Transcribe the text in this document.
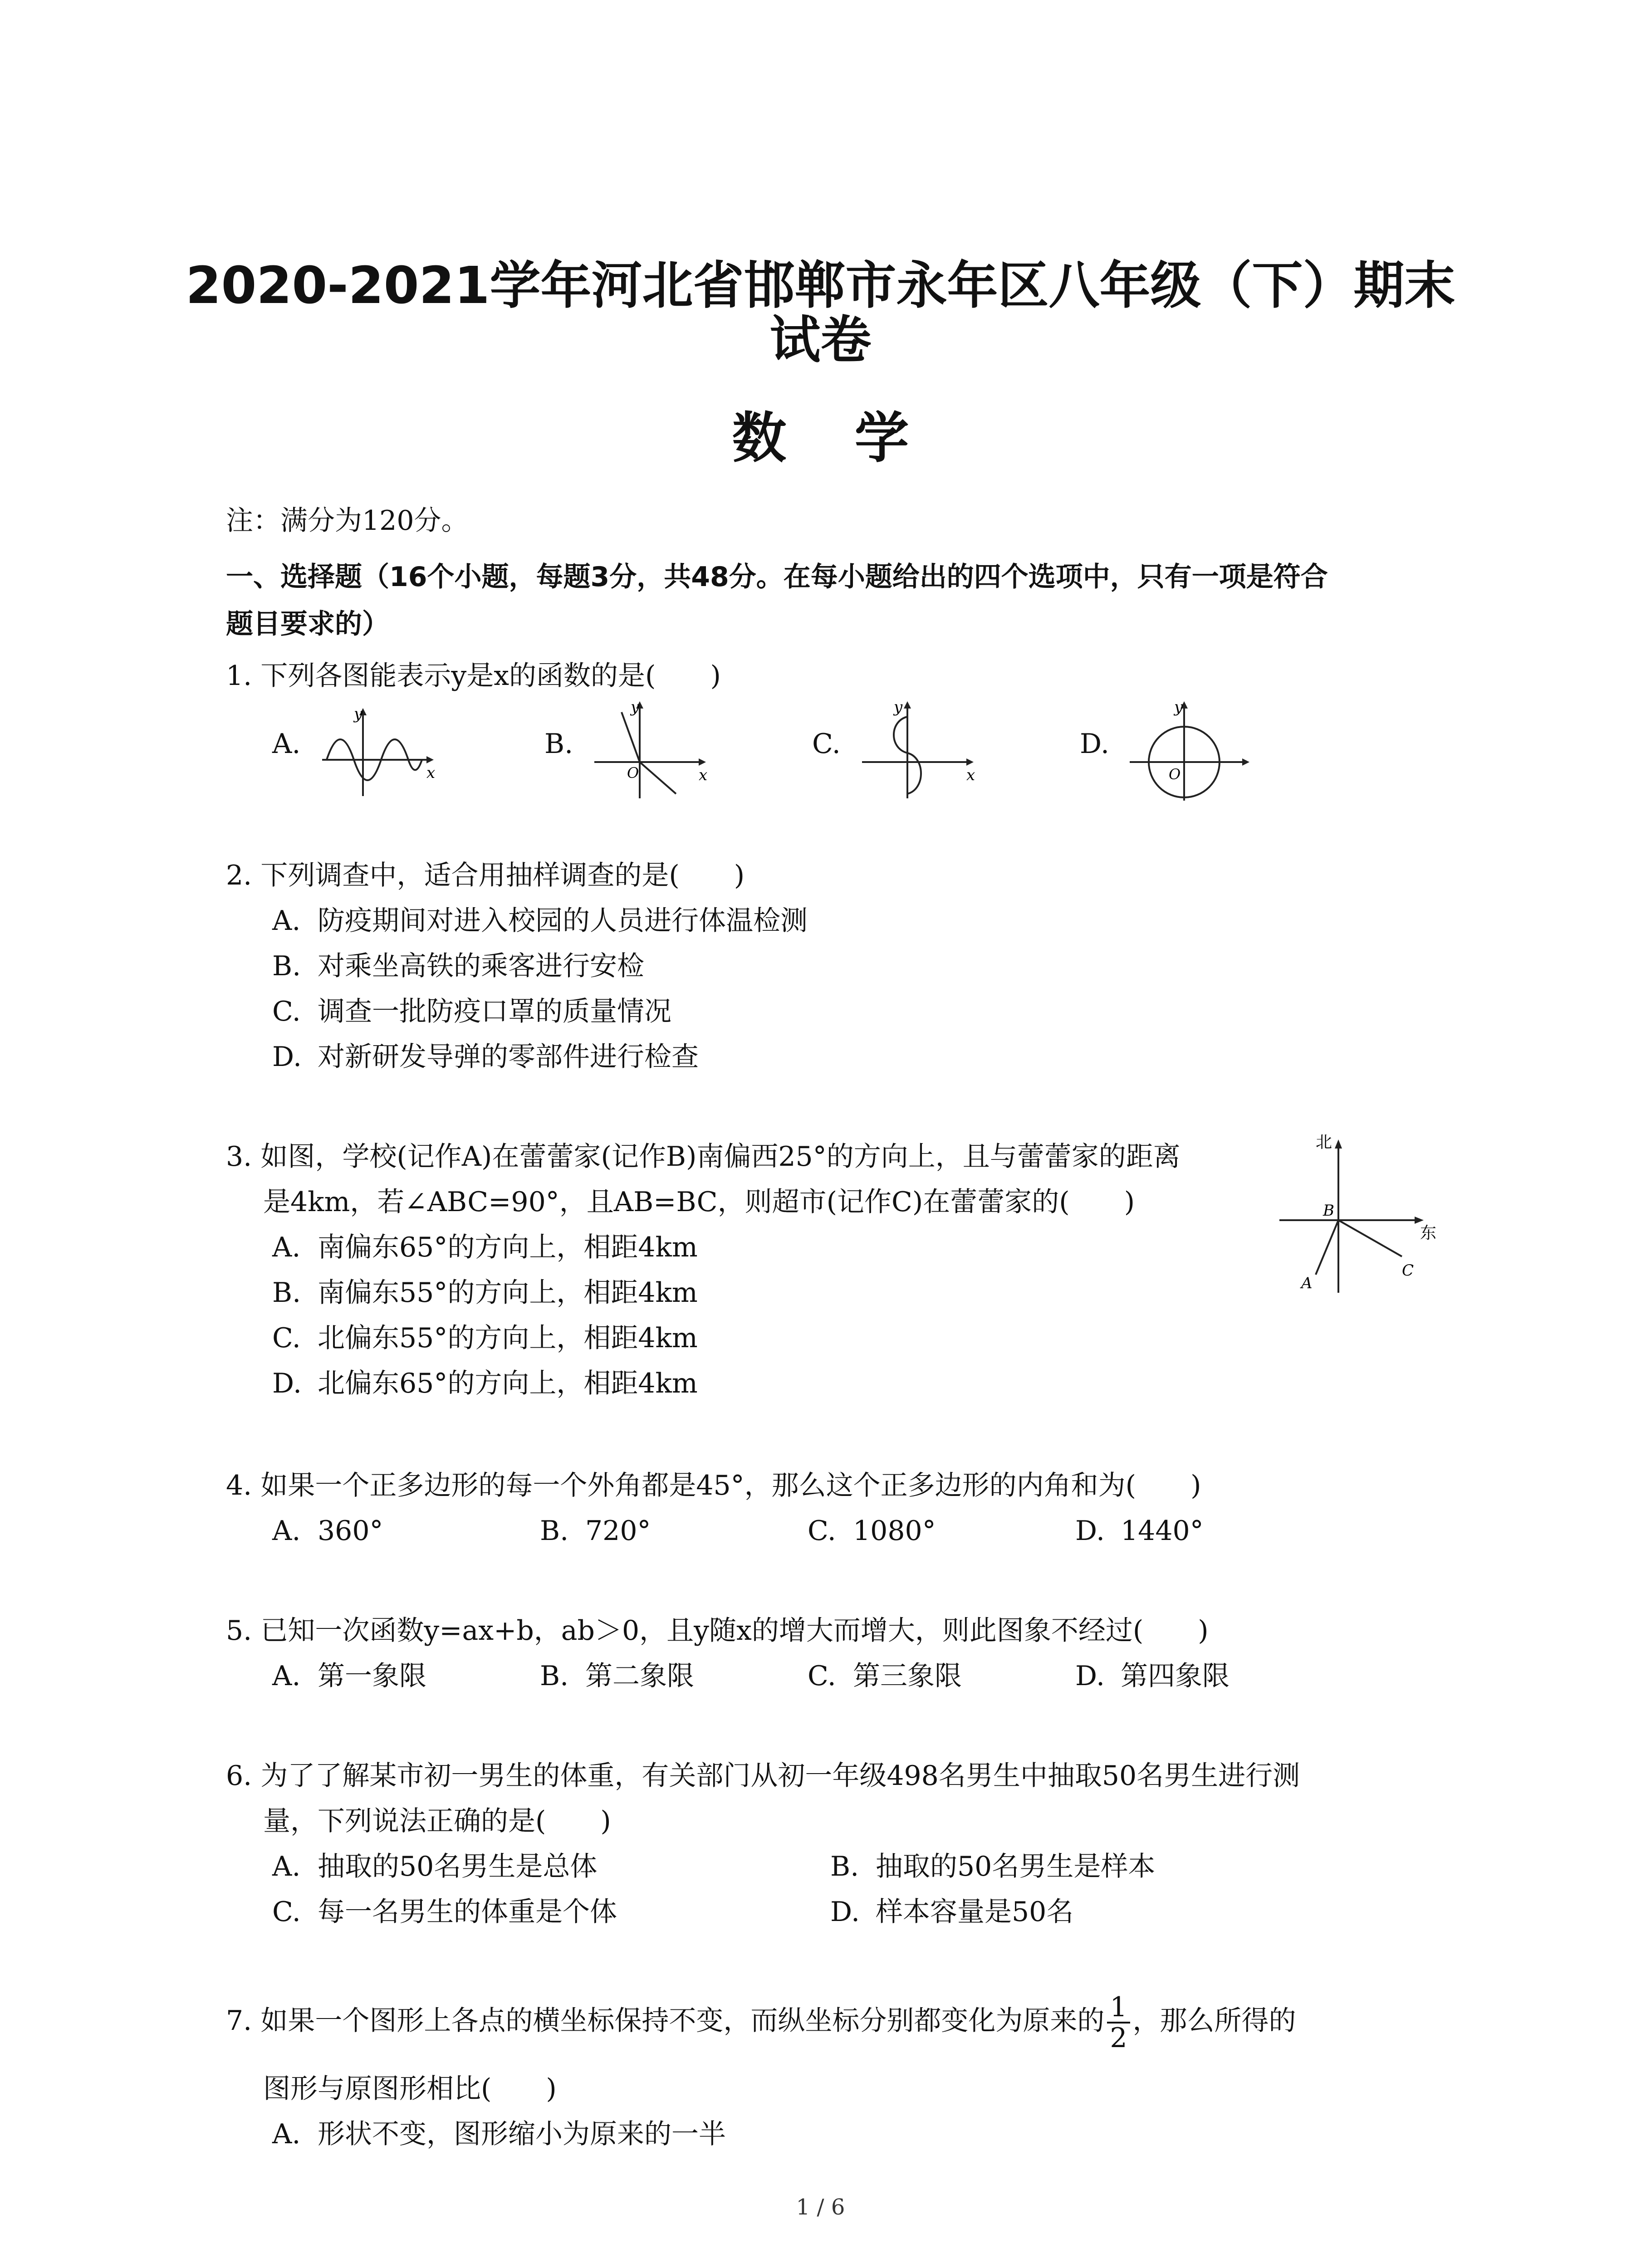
2020-2021学年河北省邯郸市永年区八年级（下）期末
试卷
数学
注：满分为120分。
一、选择题（16个小题，每题3分，共48分。在每小题给出的四个选项中，只有一项是符合
题目要求的）
1. 下列各图能表示y是x的函数的是(　　)
A.
y
x
B.
O
y
x
C.
y
x
D.
O
y
2. 下列调查中，适合用抽样调查的是(　　)
A. 防疫期间对进入校园的人员进行体温检测
B. 对乘坐高铁的乘客进行安检
C. 调查一批防疫口罩的质量情况
D. 对新研发导弹的零部件进行检查
3. 如图，学校(记作A)在蕾蕾家(记作B)南偏西25°的方向上，且与蕾蕾家的距离
是4km，若∠ABC=90°，且AB=BC，则超市(记作C)在蕾蕾家的(　　)
A. 南偏东65°的方向上，相距4km
B. 南偏东55°的方向上，相距4km
C. 北偏东55°的方向上，相距4km
D. 北偏东65°的方向上，相距4km
北
东
B
A
C
4. 如果一个正多边形的每一个外角都是45°，那么这个正多边形的内角和为(　　)
A. 360°	B. 720°	C. 1080°	D. 1440°
5. 已知一次函数y=ax+b，ab＞0，且y随x的增大而增大，则此图象不经过(　　)
A. 第一象限	B. 第二象限	C. 第三象限	D. 第四象限
6. 为了了解某市初一男生的体重，有关部门从初一年级498名男生中抽取50名男生进行测
量，下列说法正确的是(　　)
A. 抽取的50名男生是总体	B. 抽取的50名男生是样本
C. 每一名男生的体重是个体	D. 样本容量是50名
7. 如果一个图形上各点的横坐标保持不变，而纵坐标分别都变化为原来的 $\frac{1}{2}$ ，那么所得的
图形与原图形相比(　　)
A. 形状不变，图形缩小为原来的一半
1 / 6
